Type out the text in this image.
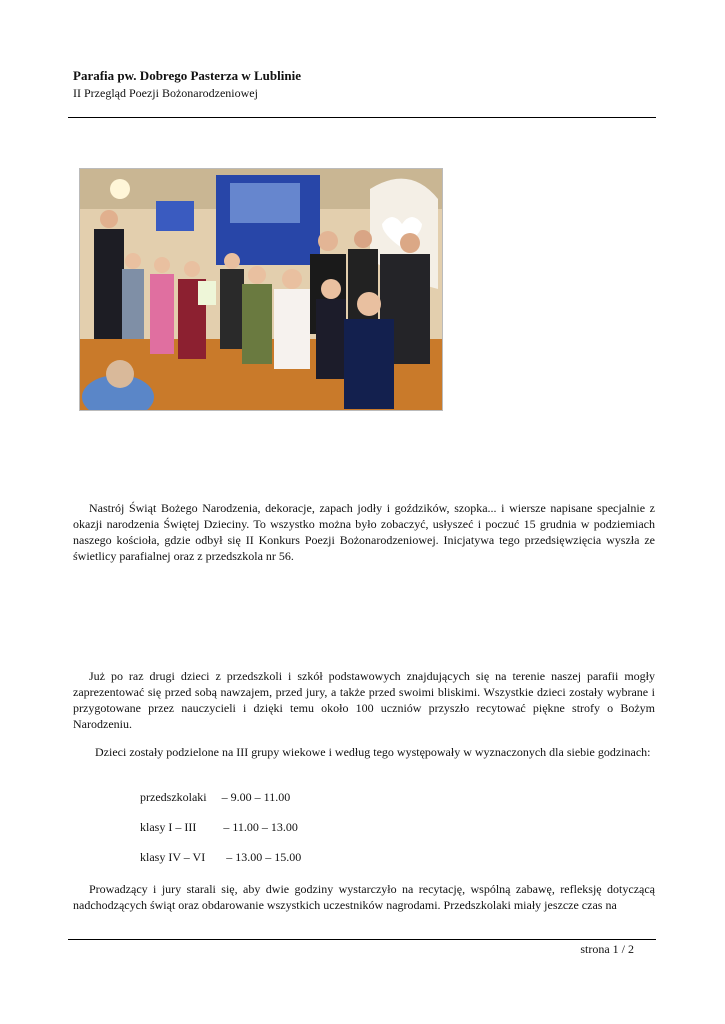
Parafia pw. Dobrego Pasterza w Lublinie
II Przegląd Poezji Bożonarodzeniowej

Nastrój Świąt Bożego Narodzenia, dekoracje, zapach jodły i goździków, szopka... i wiersze napisane specjalnie z okazji narodzenia Świętej Dzieciny. To wszystko można było zobaczyć, usłyszeć i poczuć 15 grudnia w podziemiach naszego kościoła, gdzie odbył się II Konkurs Poezji Bożonarodzeniowej. Inicjatywa tego przedsięwzięcia wyszła ze świetlicy parafialnej oraz z przedszkola nr 56.

Już po raz drugi dzieci z przedszkoli i szkół podstawowych znajdujących się na terenie naszej parafii mogły zaprezentować się przed sobą nawzajem, przed jury, a także przed swoimi bliskimi. Wszystkie dzieci zostały wybrane i przygotowane przez nauczycieli i dzięki temu około 100 uczniów przyszło recytować piękne strofy o Bożym Narodzeniu.

Dzieci zostały podzielone na III grupy wiekowe i według tego występowały w wyznaczonych dla siebie godzinach:

przedszkolaki     – 9.00 – 11.00
klasy I – III         – 11.00 – 13.00
klasy IV – VI       – 13.00 – 15.00

Prowadzący i jury starali się, aby dwie godziny wystarczyło na recytację, wspólną zabawę, refleksję dotyczącą nadchodzących świąt oraz obdarowanie wszystkich uczestników nagrodami. Przedszkolaki miały jeszcze czas na

strona 1 / 2
